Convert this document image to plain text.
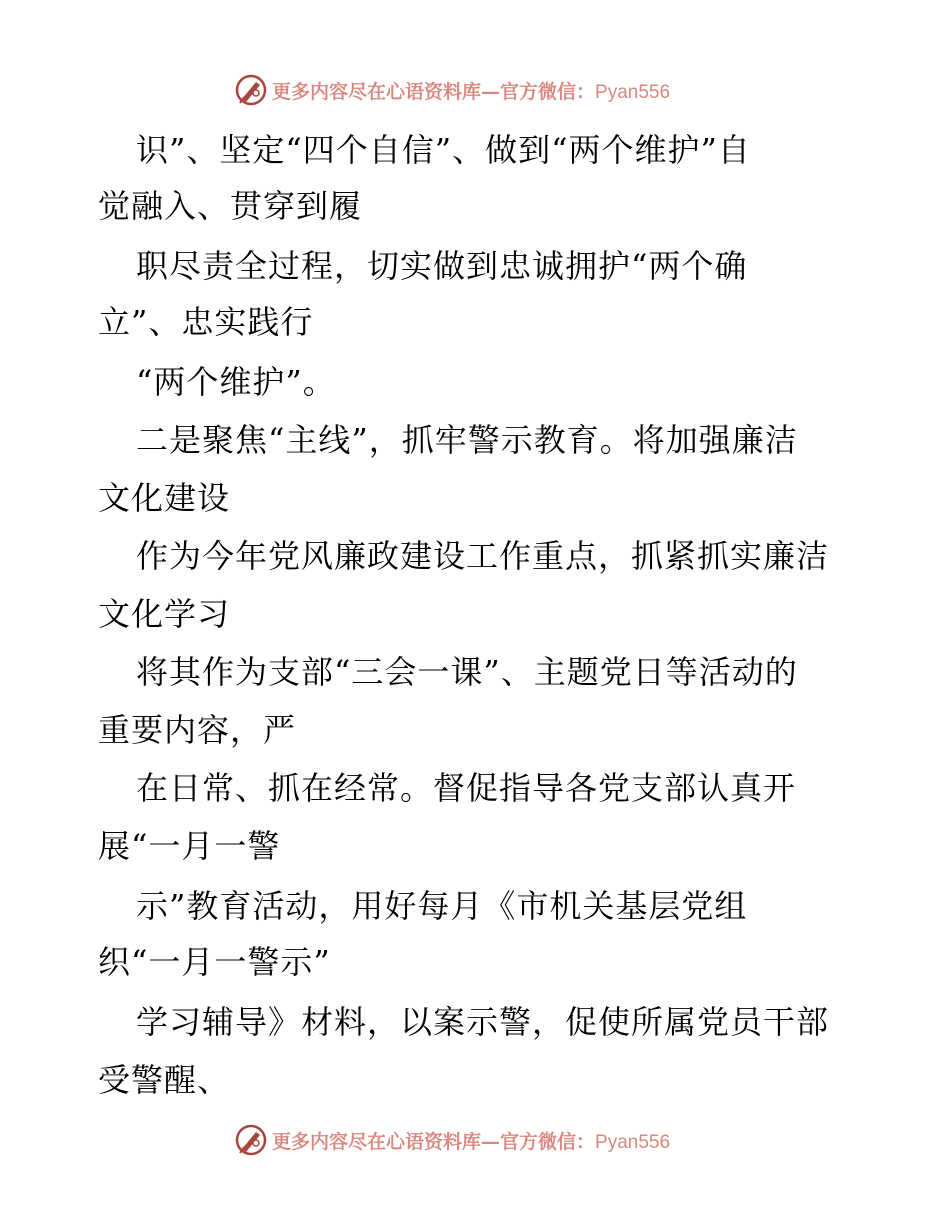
更多内容尽在心语资料库—官方微信：Pyan556
识”、坚定“四个自信”、做到“两个维护”自
觉融入、贯穿到履
职尽责全过程，切实做到忠诚拥护“两个确
立”、忠实践行
“两个维护”。
二是聚焦“主线”，抓牢警示教育。将加强廉洁
文化建设
作为今年党风廉政建设工作重点，抓紧抓实廉洁
文化学习
将其作为支部“三会一课”、主题党日等活动的
重要内容，严
在日常、抓在经常。督促指导各党支部认真开
展“一月一警
示”教育活动，用好每月《市机关基层党组
织“一月一警示”
学习辅导》材料，以案示警，促使所属党员干部
受警醒、
更多内容尽在心语资料库—官方微信：Pyan556
